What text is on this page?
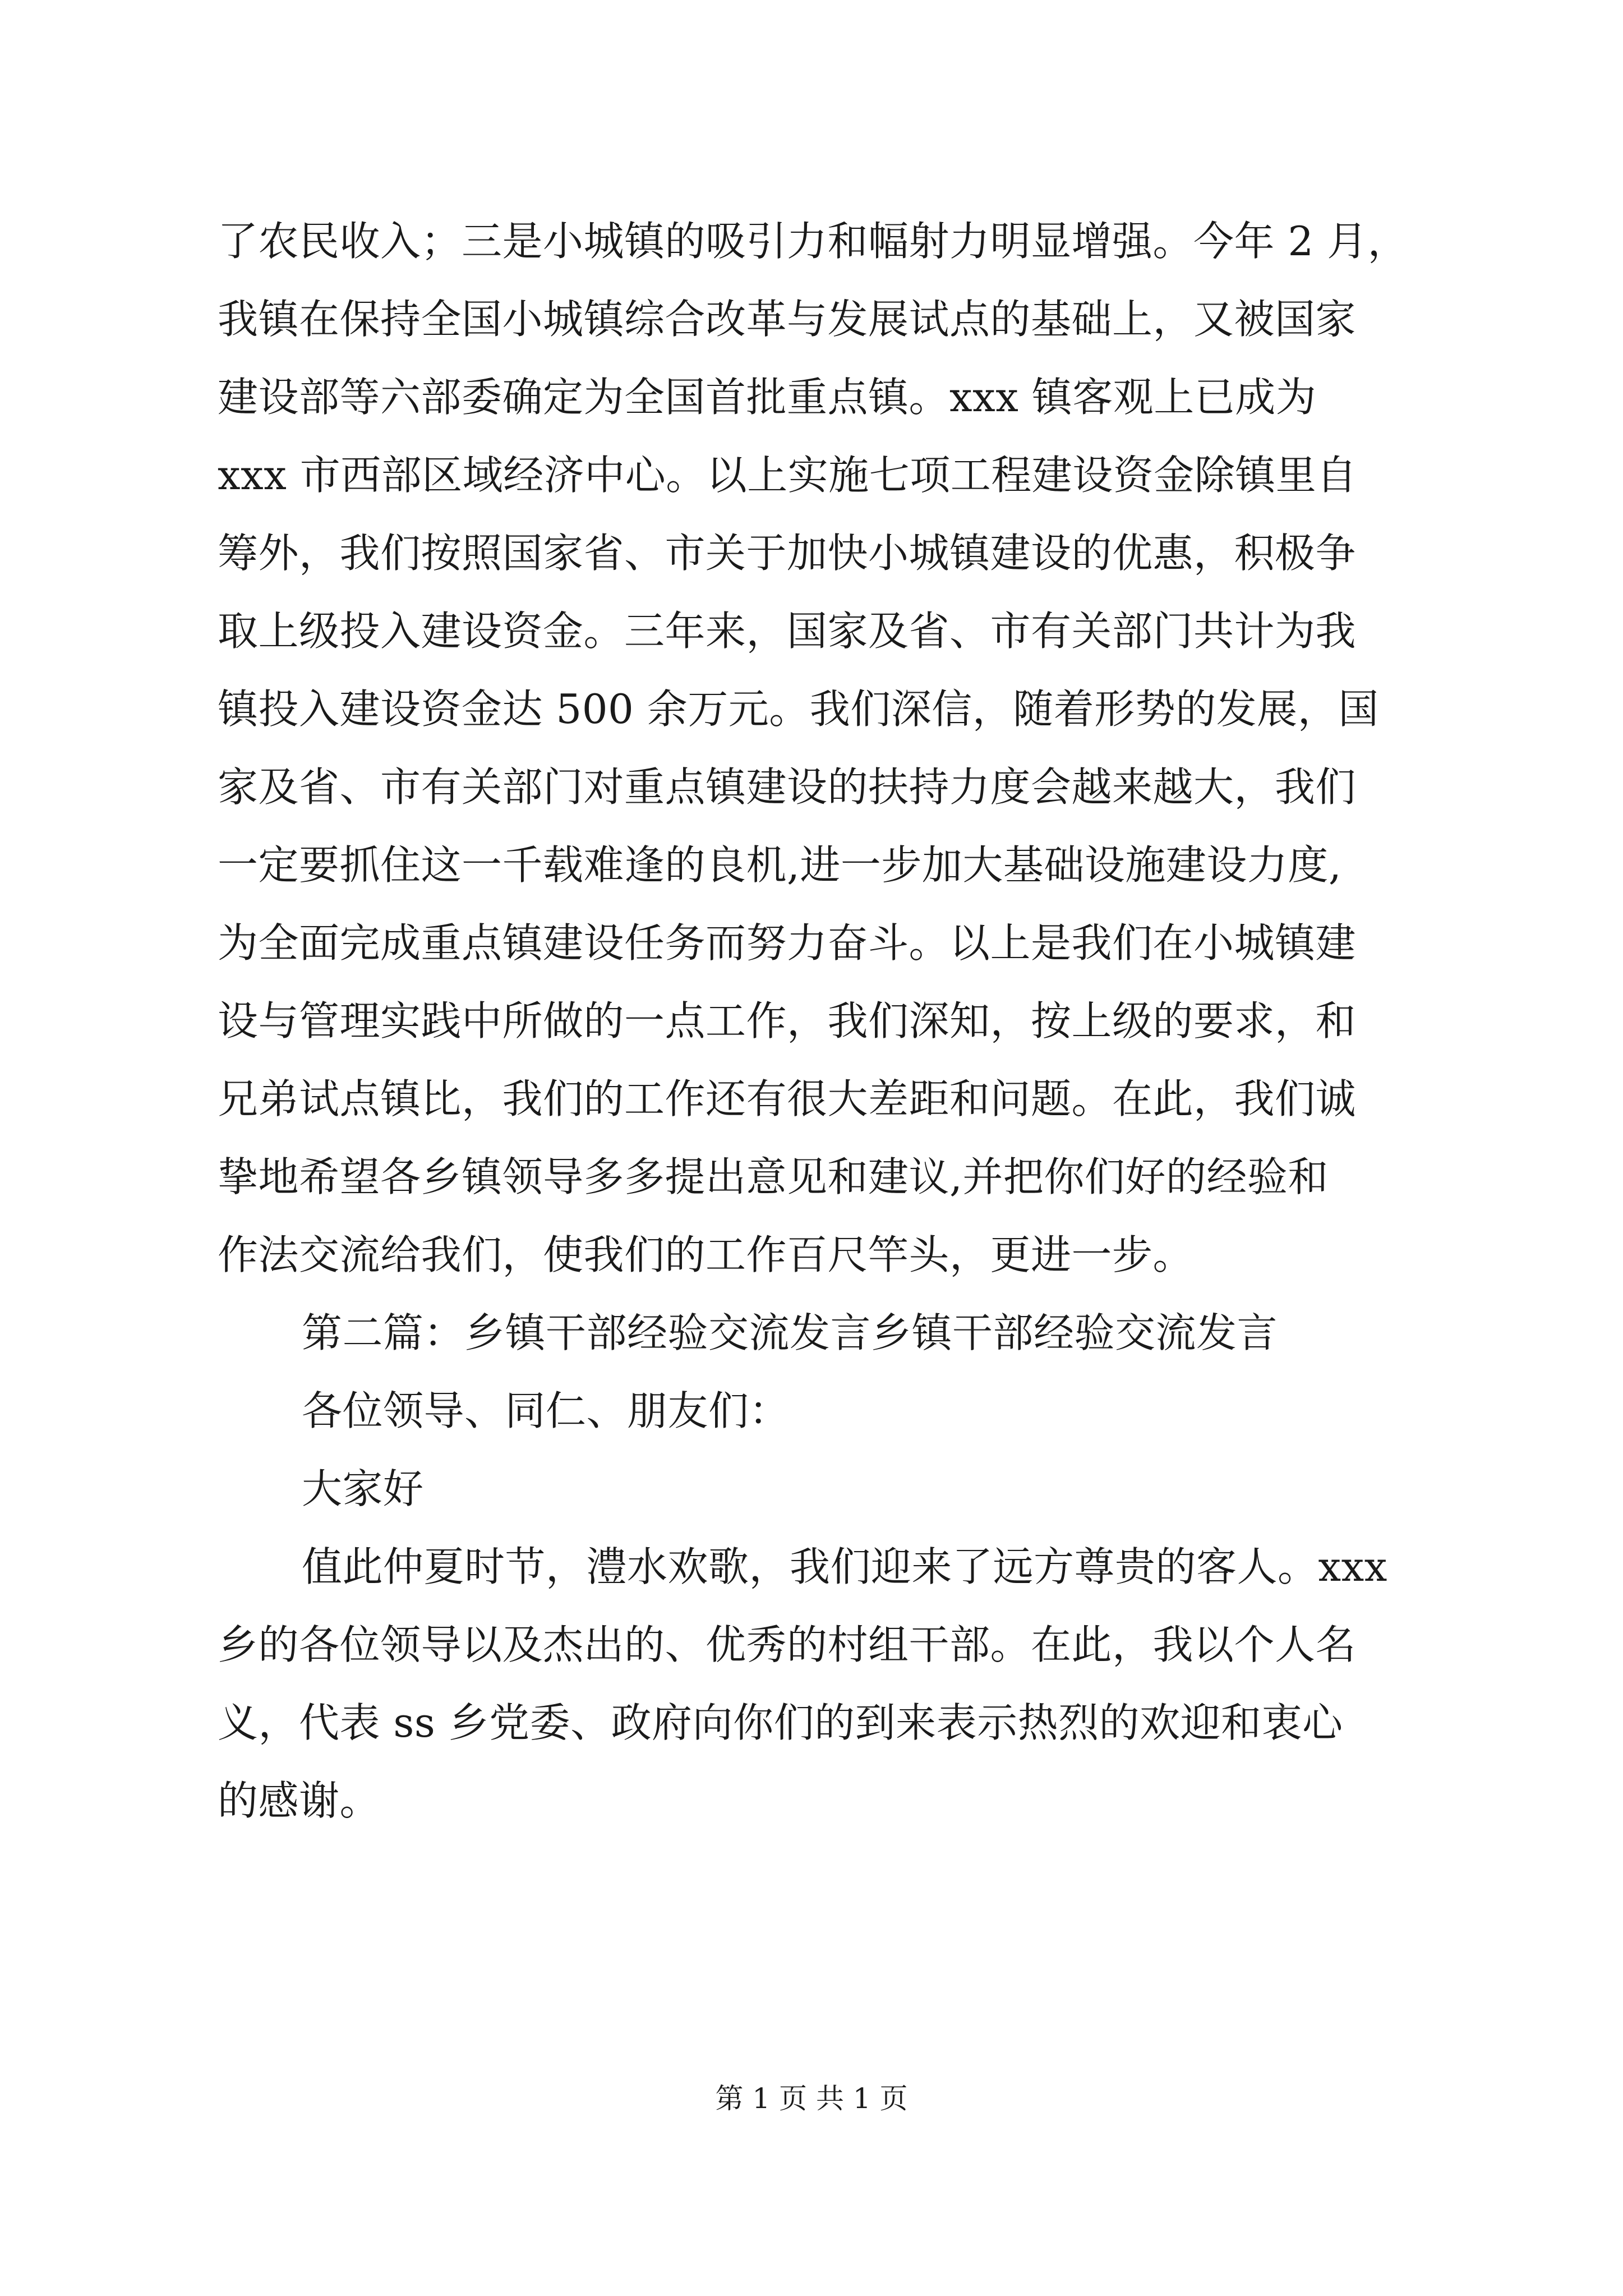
了农民收入；三是小城镇的吸引力和幅射力明显增强。今年 2 月，
我镇在保持全国小城镇综合改革与发展试点的基础上，又被国家
建设部等六部委确定为全国首批重点镇。xxx 镇客观上已成为
xxx 市西部区域经济中心。以上实施七项工程建设资金除镇里自
筹外，我们按照国家省、市关于加快小城镇建设的优惠，积极争
取上级投入建设资金。三年来，国家及省、市有关部门共计为我
镇投入建设资金达 500 余万元。我们深信，随着形势的发展，国
家及省、市有关部门对重点镇建设的扶持力度会越来越大，我们
一定要抓住这一千载难逢的良机,进一步加大基础设施建设力度,
为全面完成重点镇建设任务而努力奋斗。以上是我们在小城镇建
设与管理实践中所做的一点工作，我们深知，按上级的要求，和
兄弟试点镇比，我们的工作还有很大差距和问题。在此，我们诚
挚地希望各乡镇领导多多提出意见和建议,并把你们好的经验和
作法交流给我们，使我们的工作百尺竿头，更进一步。
第二篇：乡镇干部经验交流发言乡镇干部经验交流发言
各位领导、同仁、朋友们：
大家好
值此仲夏时节，澧水欢歌，我们迎来了远方尊贵的客人。xxx
乡的各位领导以及杰出的、优秀的村组干部。在此，我以个人名
义，代表 ss 乡党委、政府向你们的到来表示热烈的欢迎和衷心
的感谢。
第 1 页 共 1 页
